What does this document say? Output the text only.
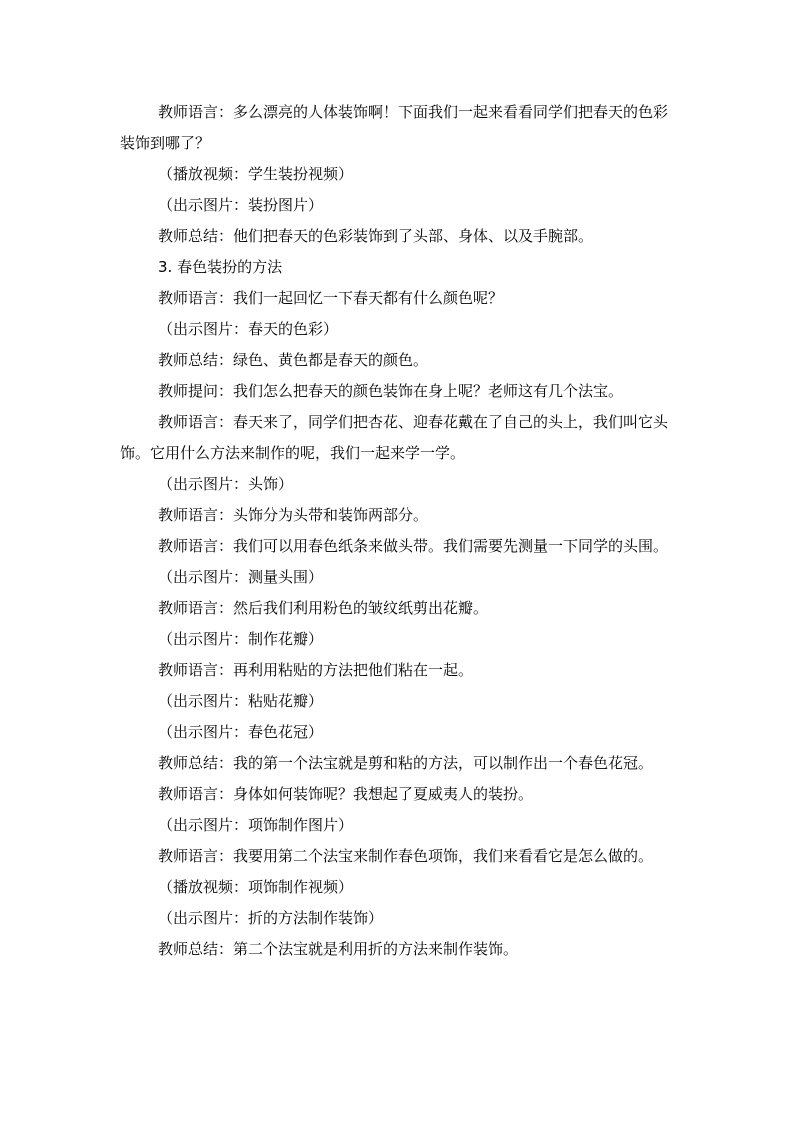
教师语言：多么漂亮的人体装饰啊！下面我们一起来看看同学们把春天的色彩装饰到哪了？

（播放视频：学生装扮视频）

（出示图片：装扮图片）

教师总结：他们把春天的色彩装饰到了头部、身体、以及手腕部。

3. 春色装扮的方法

教师语言：我们一起回忆一下春天都有什么颜色呢？

（出示图片：春天的色彩）

教师总结：绿色、黄色都是春天的颜色。

教师提问：我们怎么把春天的颜色装饰在身上呢？老师这有几个法宝。

教师语言：春天来了，同学们把杏花、迎春花戴在了自己的头上，我们叫它头饰。它用什么方法来制作的呢，我们一起来学一学。

（出示图片：头饰）

教师语言：头饰分为头带和装饰两部分。

教师语言：我们可以用春色纸条来做头带。我们需要先测量一下同学的头围。

（出示图片：测量头围）

教师语言：然后我们利用粉色的皱纹纸剪出花瓣。

（出示图片：制作花瓣）

教师语言：再利用粘贴的方法把他们粘在一起。

（出示图片：粘贴花瓣）

（出示图片：春色花冠）

教师总结：我的第一个法宝就是剪和粘的方法，可以制作出一个春色花冠。

教师语言：身体如何装饰呢？我想起了夏威夷人的装扮。

（出示图片：项饰制作图片）

教师语言：我要用第二个法宝来制作春色项饰，我们来看看它是怎么做的。

（播放视频：项饰制作视频）

（出示图片：折的方法制作装饰）

教师总结：第二个法宝就是利用折的方法来制作装饰。
